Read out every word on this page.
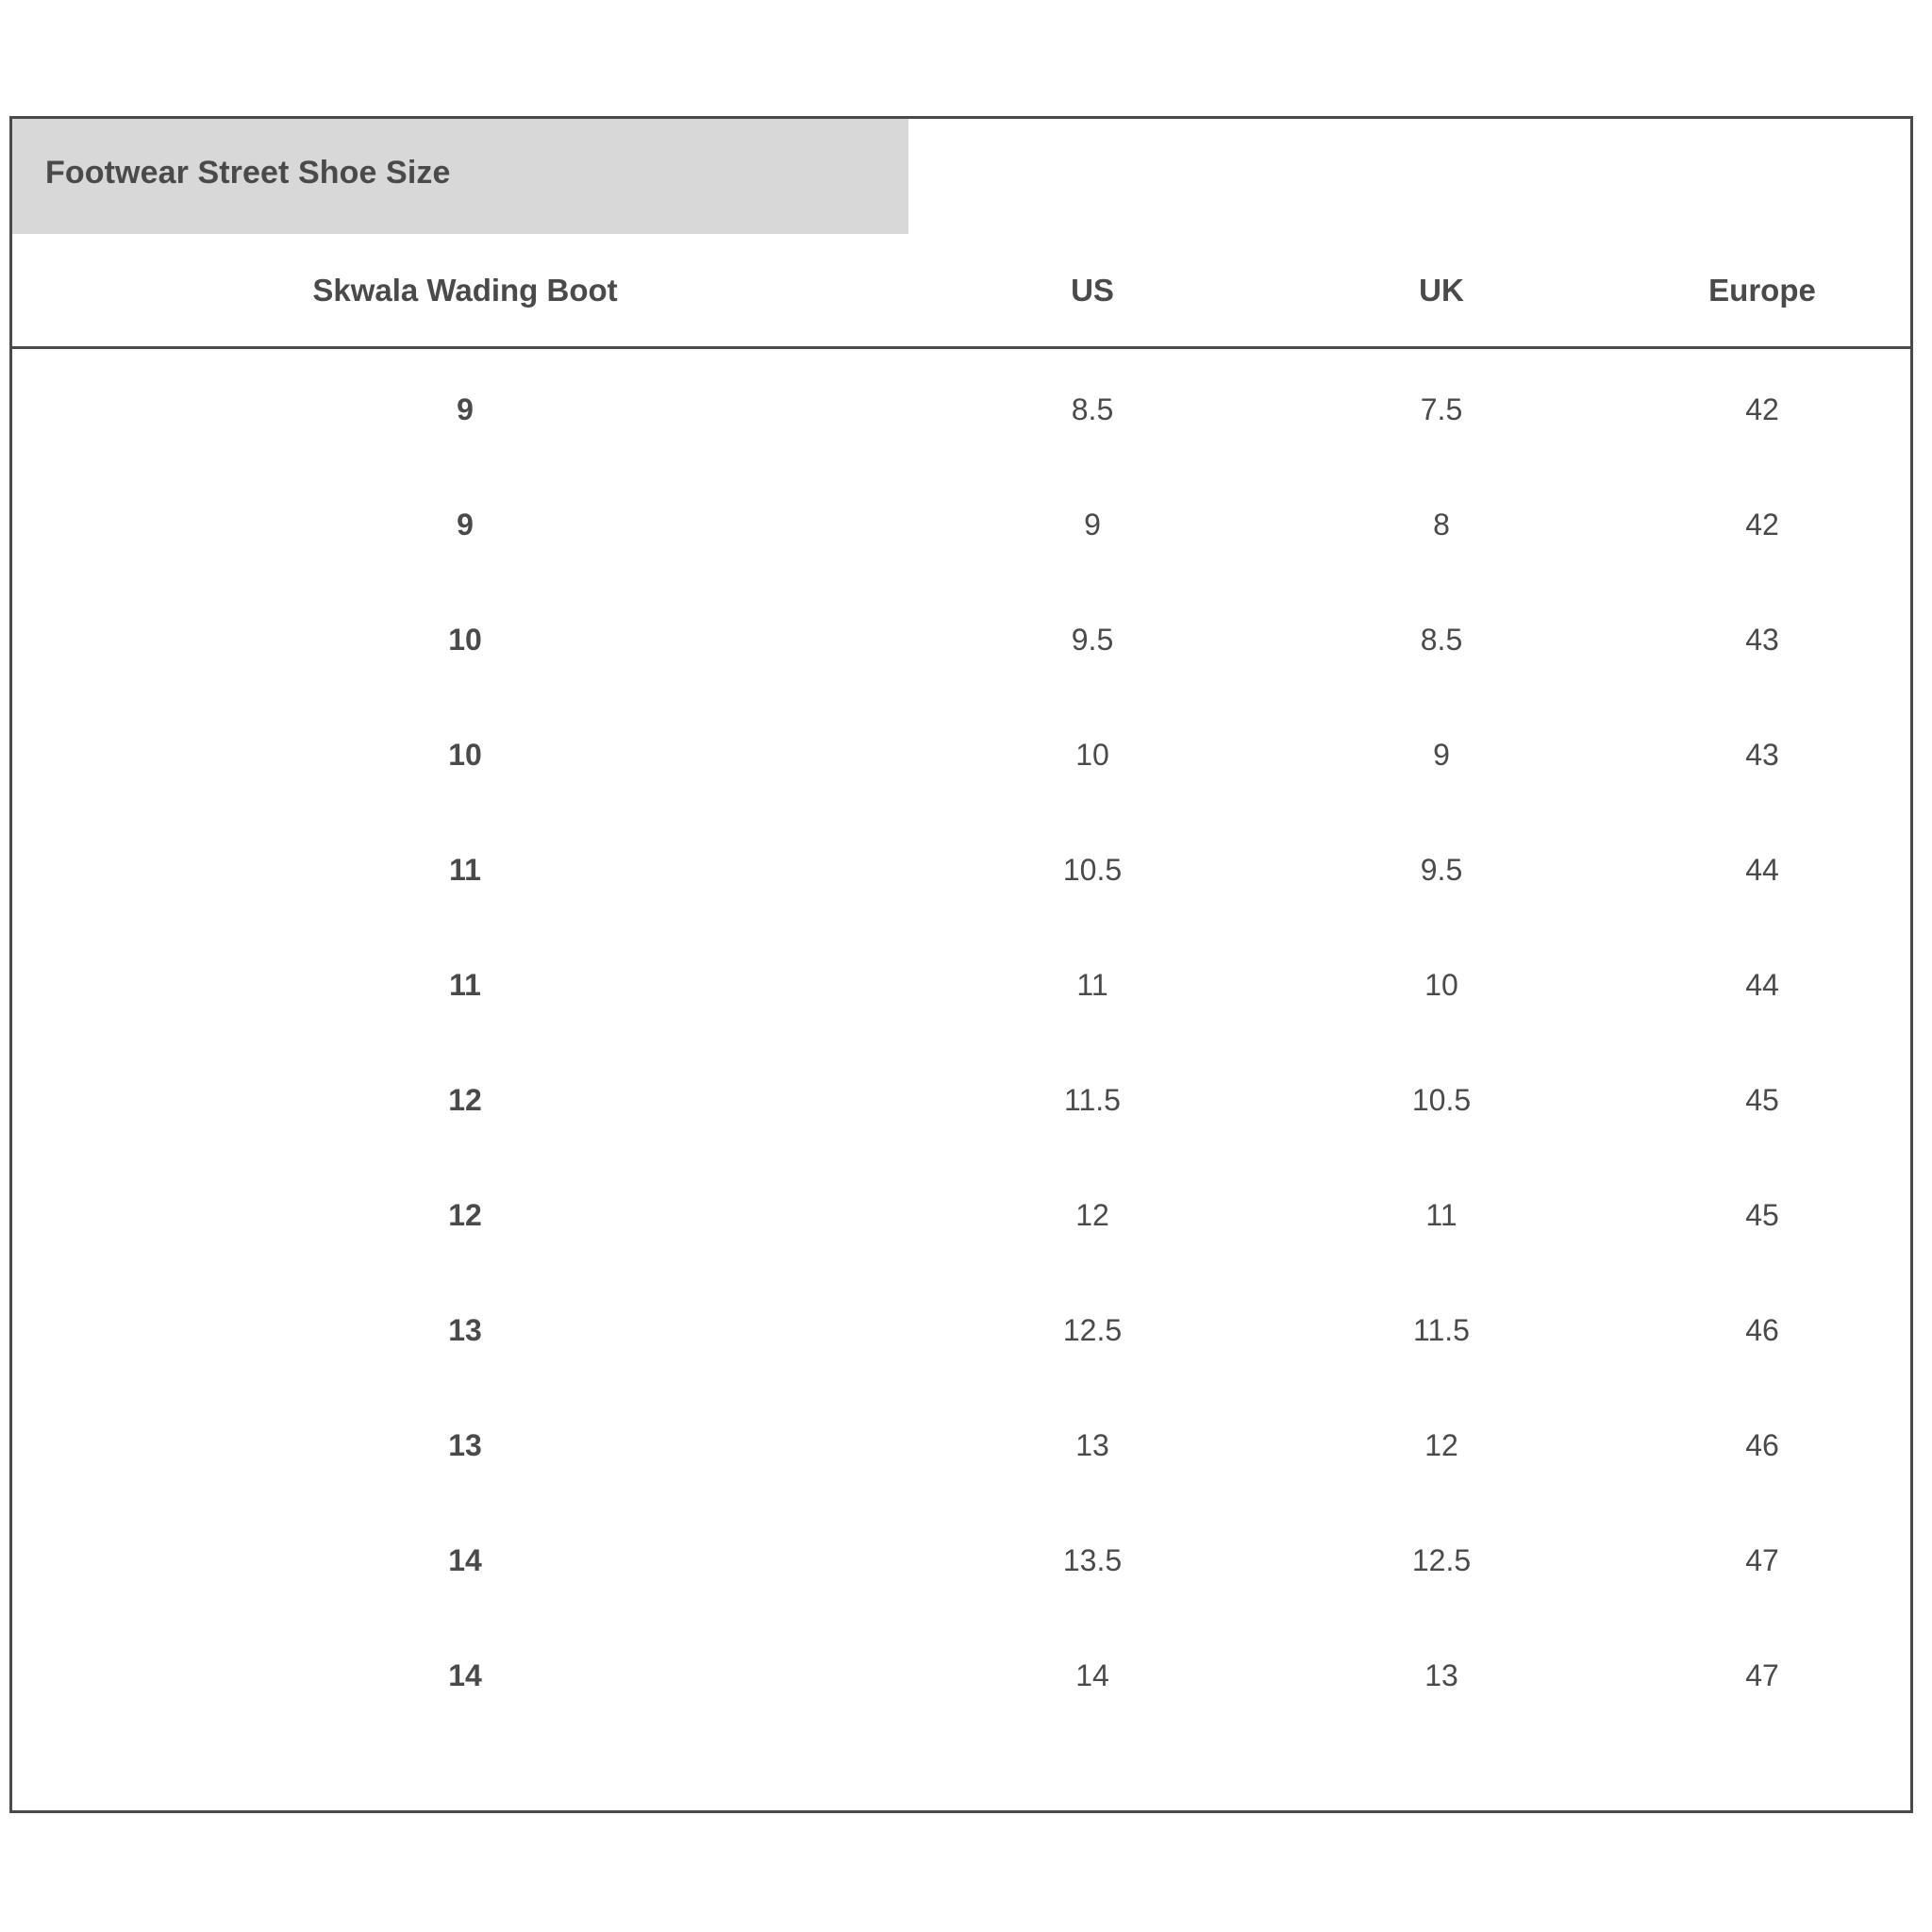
Footwear Street Shoe Size
Skwala Wading Boot	US	UK	Europe
9	8.5	7.5	42
9	9	8	42
10	9.5	8.5	43
10	10	9	43
11	10.5	9.5	44
11	11	10	44
12	11.5	10.5	45
12	12	11	45
13	12.5	11.5	46
13	13	12	46
14	13.5	12.5	47
14	14	13	47
